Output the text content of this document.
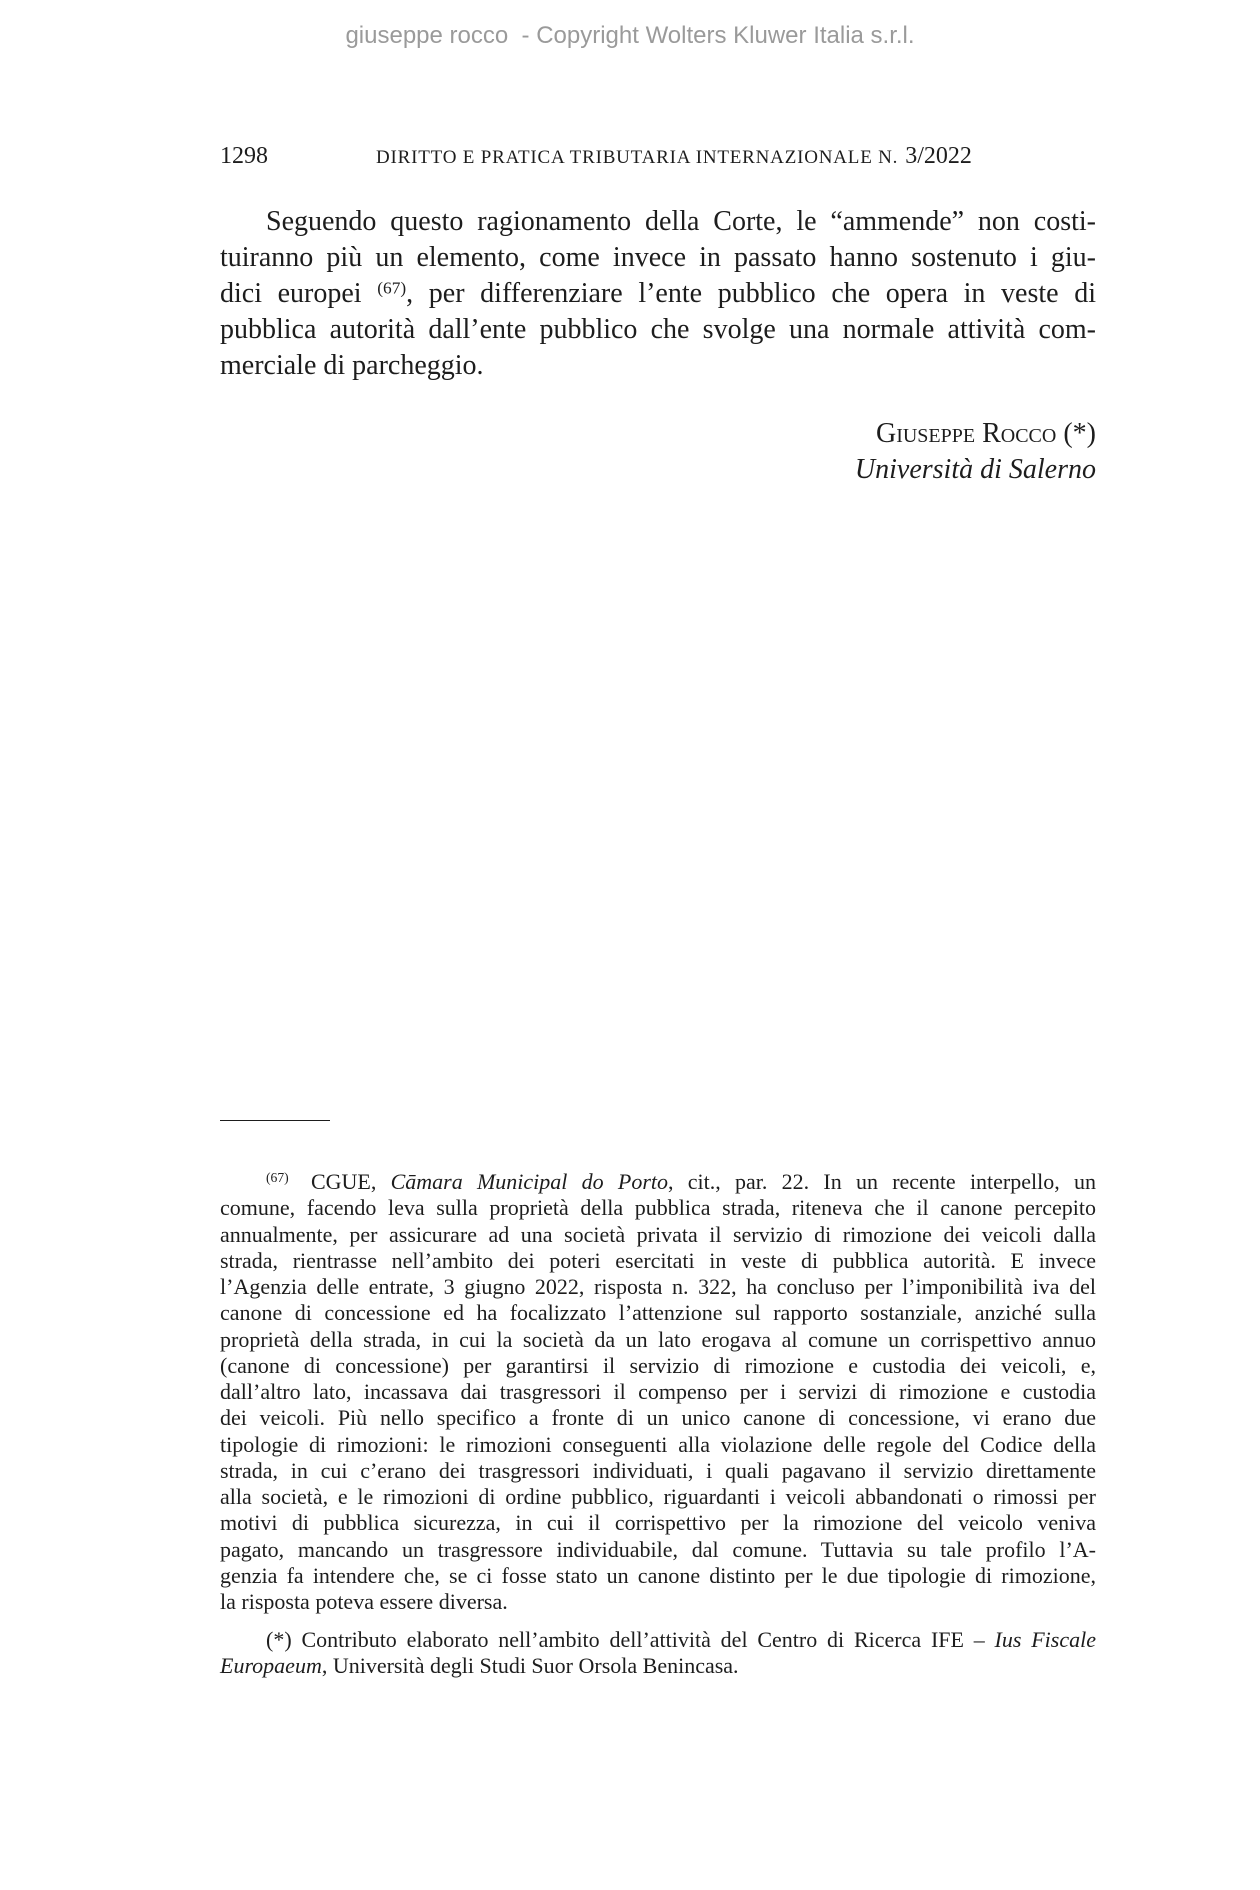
giuseppe rocco  - Copyright Wolters Kluwer Italia s.r.l.
1298	DIRITTO E PRATICA TRIBUTARIA INTERNAZIONALE N. 3/2022
Seguendo questo ragionamento della Corte, le “ammende” non costi-
tuiranno più un elemento, come invece in passato hanno sostenuto i giu-
dici europei $^{(67)}$, per differenziare l’ente pubblico che opera in veste di
pubblica autorità dall’ente pubblico che svolge una normale attività com-
merciale di parcheggio.
Giuseppe Rocco (*)
Università di Salerno
$^{(67)}$ CGUE, Cāmara Municipal do Porto, cit., par. 22. In un recente interpello, un
comune, facendo leva sulla proprietà della pubblica strada, riteneva che il canone percepito
annualmente, per assicurare ad una società privata il servizio di rimozione dei veicoli dalla
strada, rientrasse nell’ambito dei poteri esercitati in veste di pubblica autorità. E invece
l’Agenzia delle entrate, 3 giugno 2022, risposta n. 322, ha concluso per l’imponibilità iva del
canone di concessione ed ha focalizzato l’attenzione sul rapporto sostanziale, anziché sulla
proprietà della strada, in cui la società da un lato erogava al comune un corrispettivo annuo
(canone di concessione) per garantirsi il servizio di rimozione e custodia dei veicoli, e,
dall’altro lato, incassava dai trasgressori il compenso per i servizi di rimozione e custodia
dei veicoli. Più nello specifico a fronte di un unico canone di concessione, vi erano due
tipologie di rimozioni: le rimozioni conseguenti alla violazione delle regole del Codice della
strada, in cui c’erano dei trasgressori individuati, i quali pagavano il servizio direttamente
alla società, e le rimozioni di ordine pubblico, riguardanti i veicoli abbandonati o rimossi per
motivi di pubblica sicurezza, in cui il corrispettivo per la rimozione del veicolo veniva
pagato, mancando un trasgressore individuabile, dal comune. Tuttavia su tale profilo l’A-
genzia fa intendere che, se ci fosse stato un canone distinto per le due tipologie di rimozione,
la risposta poteva essere diversa.
(*) Contributo elaborato nell’ambito dell’attività del Centro di Ricerca IFE – Ius Fiscale
Europaeum, Università degli Studi Suor Orsola Benincasa.
